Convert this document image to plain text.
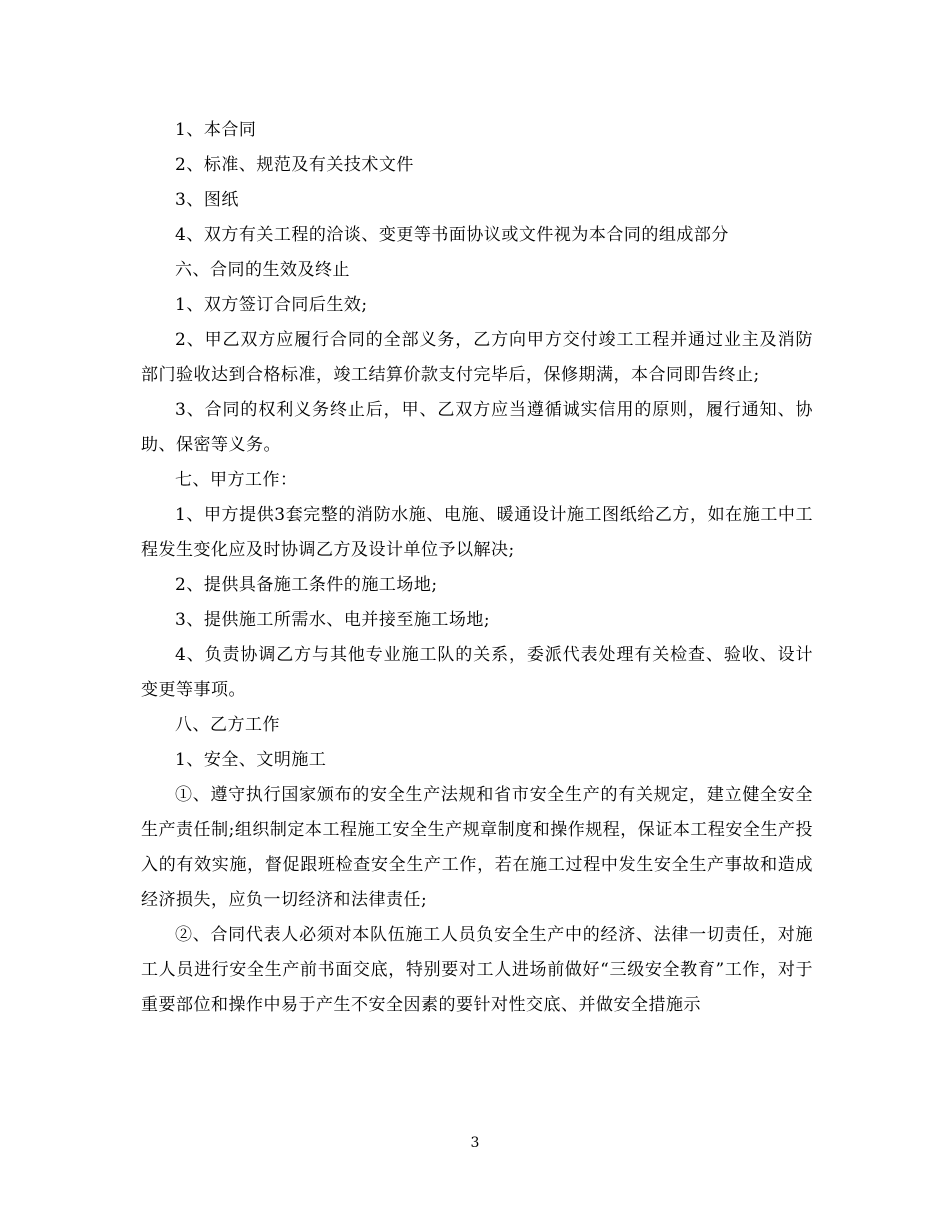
1、本合同

2、标准、规范及有关技术文件

3、图纸

4、双方有关工程的洽谈、变更等书面协议或文件视为本合同的组成部分

六、合同的生效及终止

1、双方签订合同后生效;

2、甲乙双方应履行合同的全部义务，乙方向甲方交付竣工工程并通过业主及消防部门验收达到合格标准，竣工结算价款支付完毕后，保修期满，本合同即告终止;

3、合同的权利义务终止后，甲、乙双方应当遵循诚实信用的原则，履行通知、协助、保密等义务。

七、甲方工作：

1、甲方提供3套完整的消防水施、电施、暖通设计施工图纸给乙方，如在施工中工程发生变化应及时协调乙方及设计单位予以解决;

2、提供具备施工条件的施工场地;

3、提供施工所需水、电并接至施工场地;

4、负责协调乙方与其他专业施工队的关系，委派代表处理有关检查、验收、设计变更等事项。

八、乙方工作

1、安全、文明施工

①、遵守执行国家颁布的安全生产法规和省市安全生产的有关规定，建立健全安全生产责任制;组织制定本工程施工安全生产规章制度和操作规程，保证本工程安全生产投入的有效实施，督促跟班检查安全生产工作，若在施工过程中发生安全生产事故和造成经济损失，应负一切经济和法律责任;

②、合同代表人必须对本队伍施工人员负安全生产中的经济、法律一切责任，对施工人员进行安全生产前书面交底，特别要对工人进场前做好“三级安全教育”工作，对于重要部位和操作中易于产生不安全因素的要针对性交底、并做安全措施示

3
